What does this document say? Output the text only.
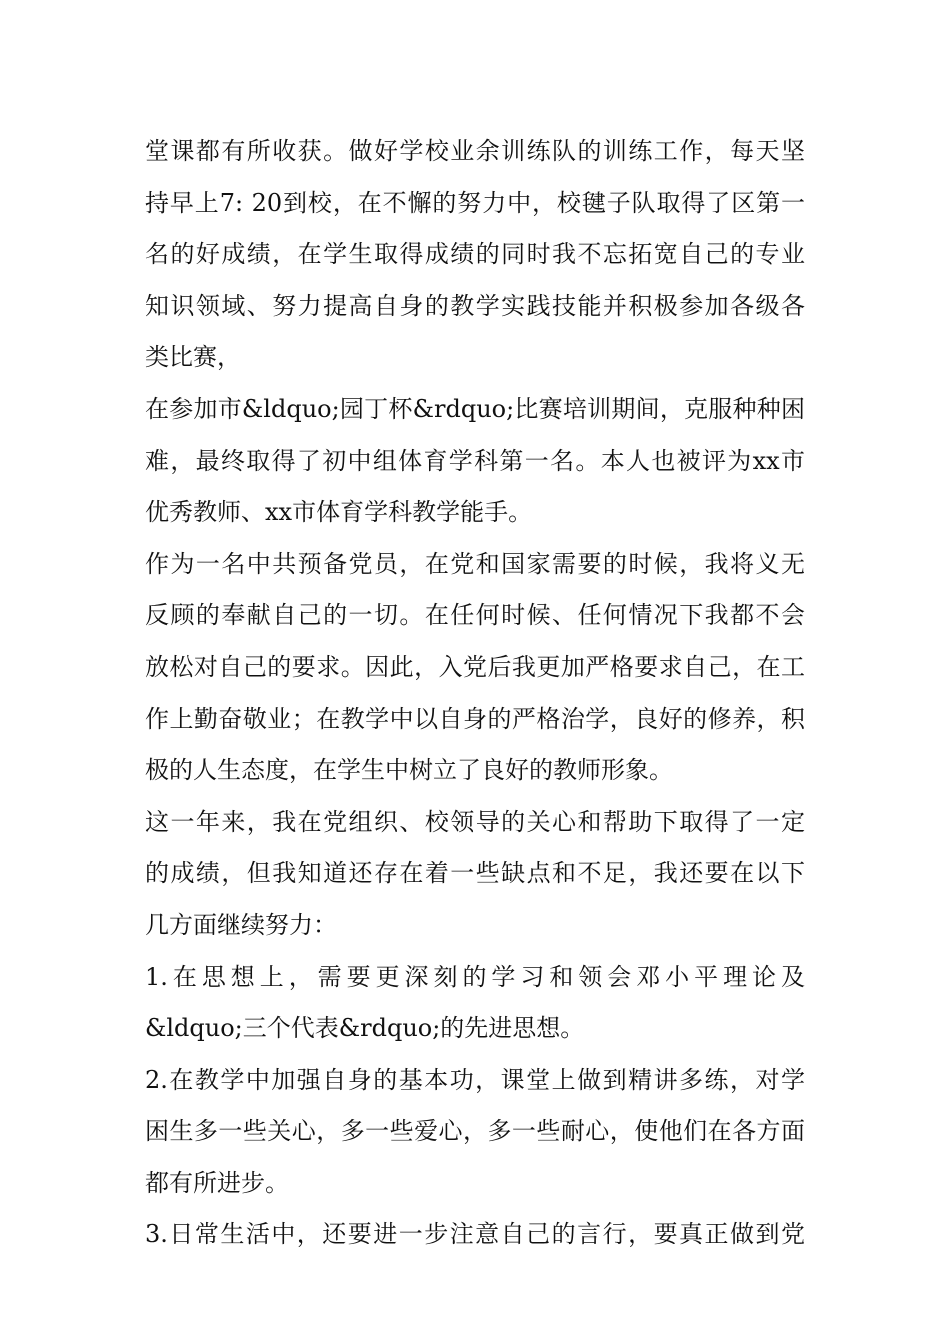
堂课都有所收获。做好学校业余训练队的训练工作，每天坚
持早上7: 20到校，在不懈的努力中，校毽子队取得了区第一
名的好成绩，在学生取得成绩的同时我不忘拓宽自己的专业
知识领域、努力提高自身的教学实践技能并积极参加各级各
类比赛，
在参加市&ldquo;园丁杯&rdquo;比赛培训期间，克服种种困
难，最终取得了初中组体育学科第一名。本人也被评为xx市
优秀教师、xx市体育学科教学能手。
作为一名中共预备党员，在党和国家需要的时候，我将义无
反顾的奉献自己的一切。在任何时候、任何情况下我都不会
放松对自己的要求。因此，入党后我更加严格要求自己，在工
作上勤奋敬业；在教学中以自身的严格治学，良好的修养，积
极的人生态度，在学生中树立了良好的教师形象。
这一年来，我在党组织、校领导的关心和帮助下取得了一定
的成绩，但我知道还存在着一些缺点和不足，我还要在以下
几方面继续努力：
1.在思想上，需要更深刻的学习和领会邓小平理论及
&ldquo;三个代表&rdquo;的先进思想。
2.在教学中加强自身的基本功，课堂上做到精讲多练，对学
困生多一些关心，多一些爱心，多一些耐心，使他们在各方面
都有所进步。
3.日常生活中，还要进一步注意自己的言行，要真正做到党
